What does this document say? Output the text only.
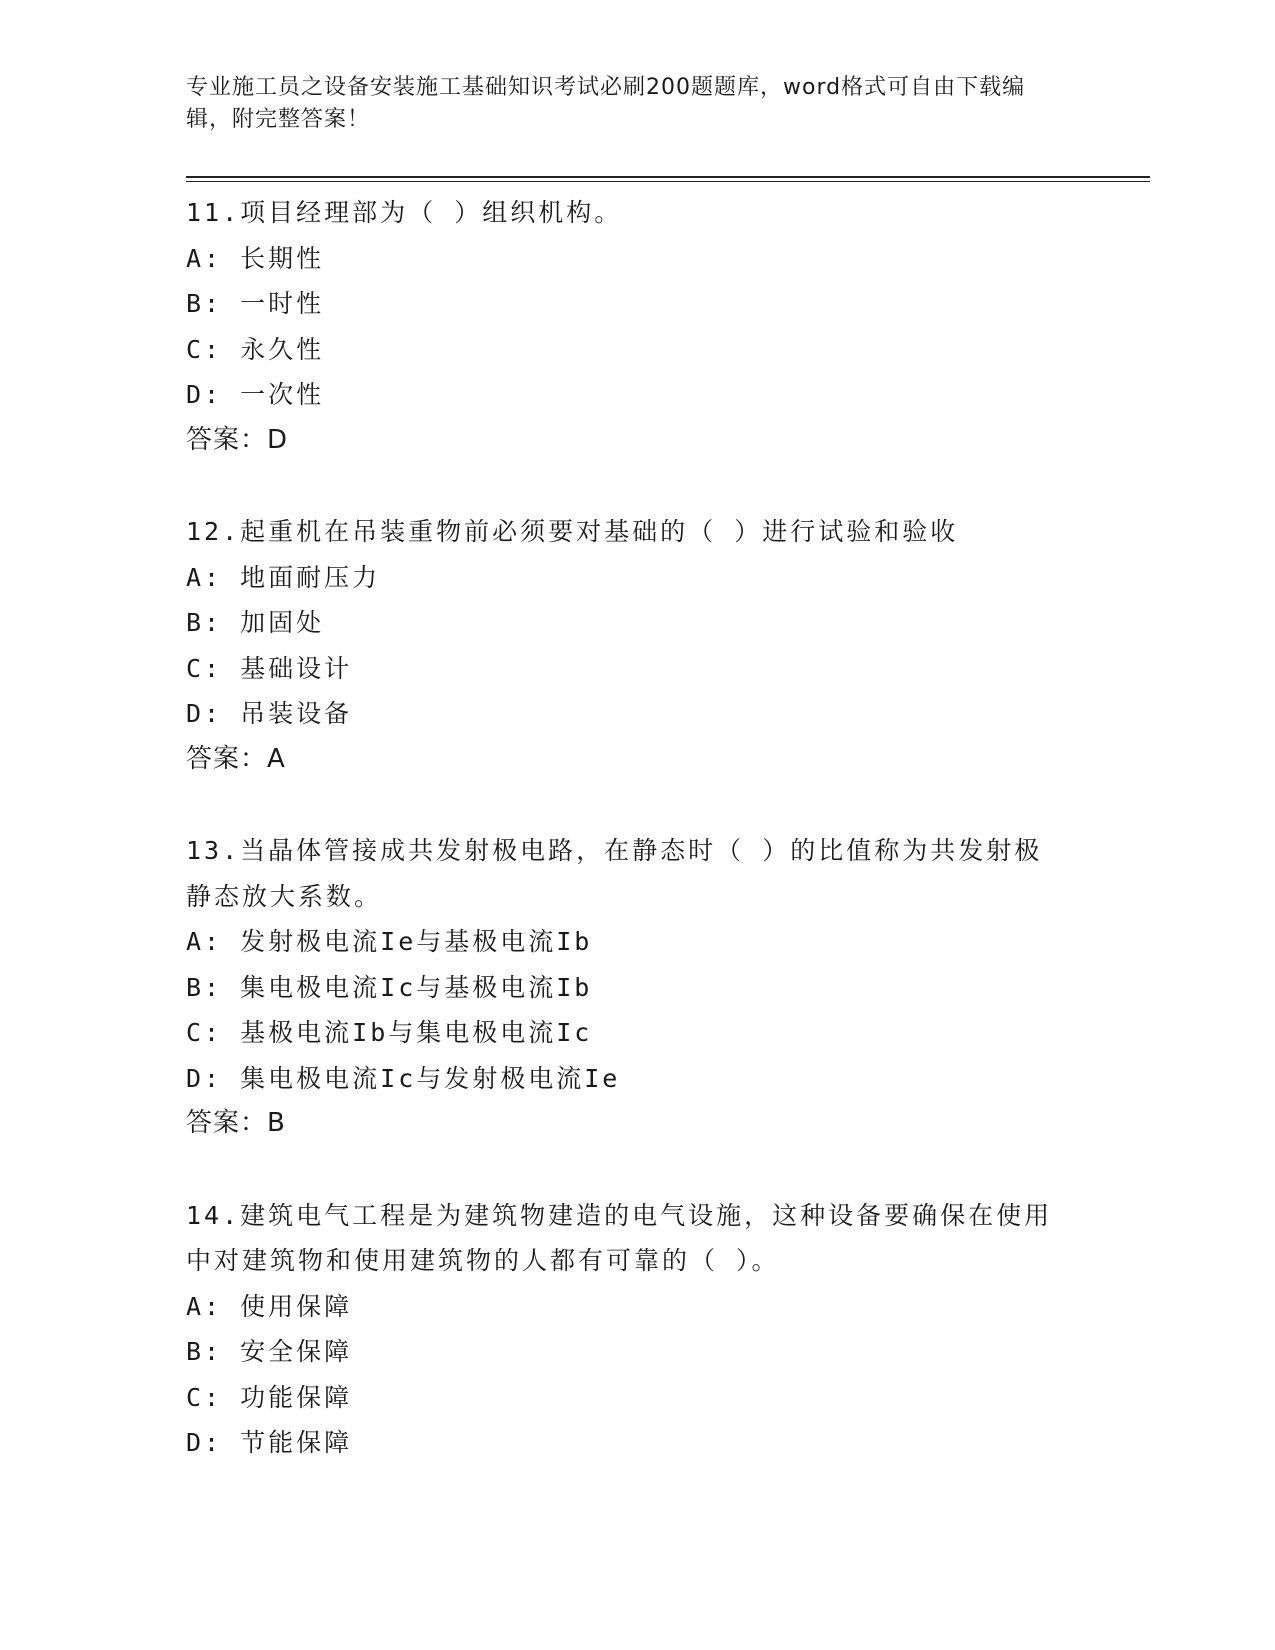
专业施工员之设备安装施工基础知识考试必刷200题题库，word格式可自由下载编辑，附完整答案！
11.项目经理部为（ ）组织机构。
A: 长期性
B: 一时性
C: 永久性
D: 一次性
答案：D
12.起重机在吊装重物前必须要对基础的（ ）进行试验和验收
A: 地面耐压力
B: 加固处
C: 基础设计
D: 吊装设备
答案：A
13.当晶体管接成共发射极电路，在静态时（ ）的比值称为共发射极静态放大系数。
A: 发射极电流Ie与基极电流Ib
B: 集电极电流Ic与基极电流Ib
C: 基极电流Ib与集电极电流Ic
D: 集电极电流Ic与发射极电流Ie
答案：B
14.建筑电气工程是为建筑物建造的电气设施，这种设备要确保在使用中对建筑物和使用建筑物的人都有可靠的（ ）。
A: 使用保障
B: 安全保障
C: 功能保障
D: 节能保障
